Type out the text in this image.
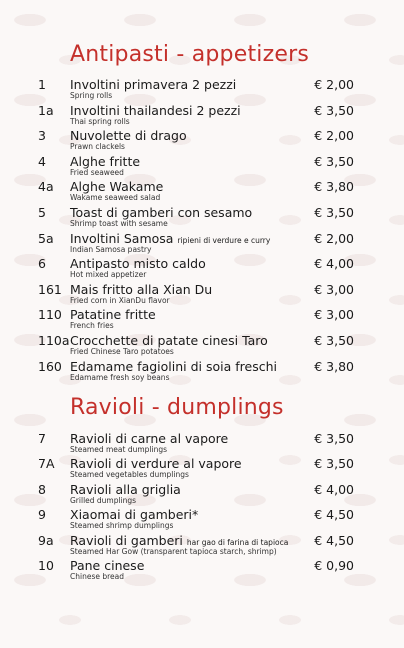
Antipasti - appetizers
1 Involtini primavera 2 pezzi
Spring rolls
€ 2,00
1a Involtini thailandesi 2 pezzi
Thai spring rolls
€ 3,50
3 Nuvolette di drago
Prawn clackels
€ 2,00
4 Alghe fritte
Fried seaweed
€ 3,50
4a Alghe Wakame
Wakame seaweed salad
€ 3,80
5 Toast di gamberi con sesamo
Shrimp toast with sesame
€ 3,50
5a Involtini Samosa ripieni di verdure e curry
Indian Samosa pastry
€ 2,00
6 Antipasto misto caldo
Hot mixed appetizer
€ 4,00
161 Mais fritto alla Xian Du
Fried corn in XianDu flavor
€ 3,00
110 Patatine fritte
French fries
€ 3,00
110a Crocchette di patate cinesi Taro
Fried Chinese Taro potatoes
€ 3,50
160 Edamame fagiolini di soia freschi
Edamame fresh soy beans
€ 3,80
Ravioli - dumplings
7 Ravioli di carne al vapore
Steamed meat dumplings
€ 3,50
7A Ravioli di verdure al vapore
Steamed vegetables dumplings
€ 3,50
8 Ravioli alla griglia
Grilled dumplings
€ 4,00
9 Xiaomai di gamberi*
Steamed shrimp dumplings
€ 4,50
9a Ravioli di gamberi har gao di farina di tapioca
Steamed Har Gow (transparent tapioca starch, shrimp)
€ 4,50
10 Pane cinese
Chinese bread
€ 0,90
